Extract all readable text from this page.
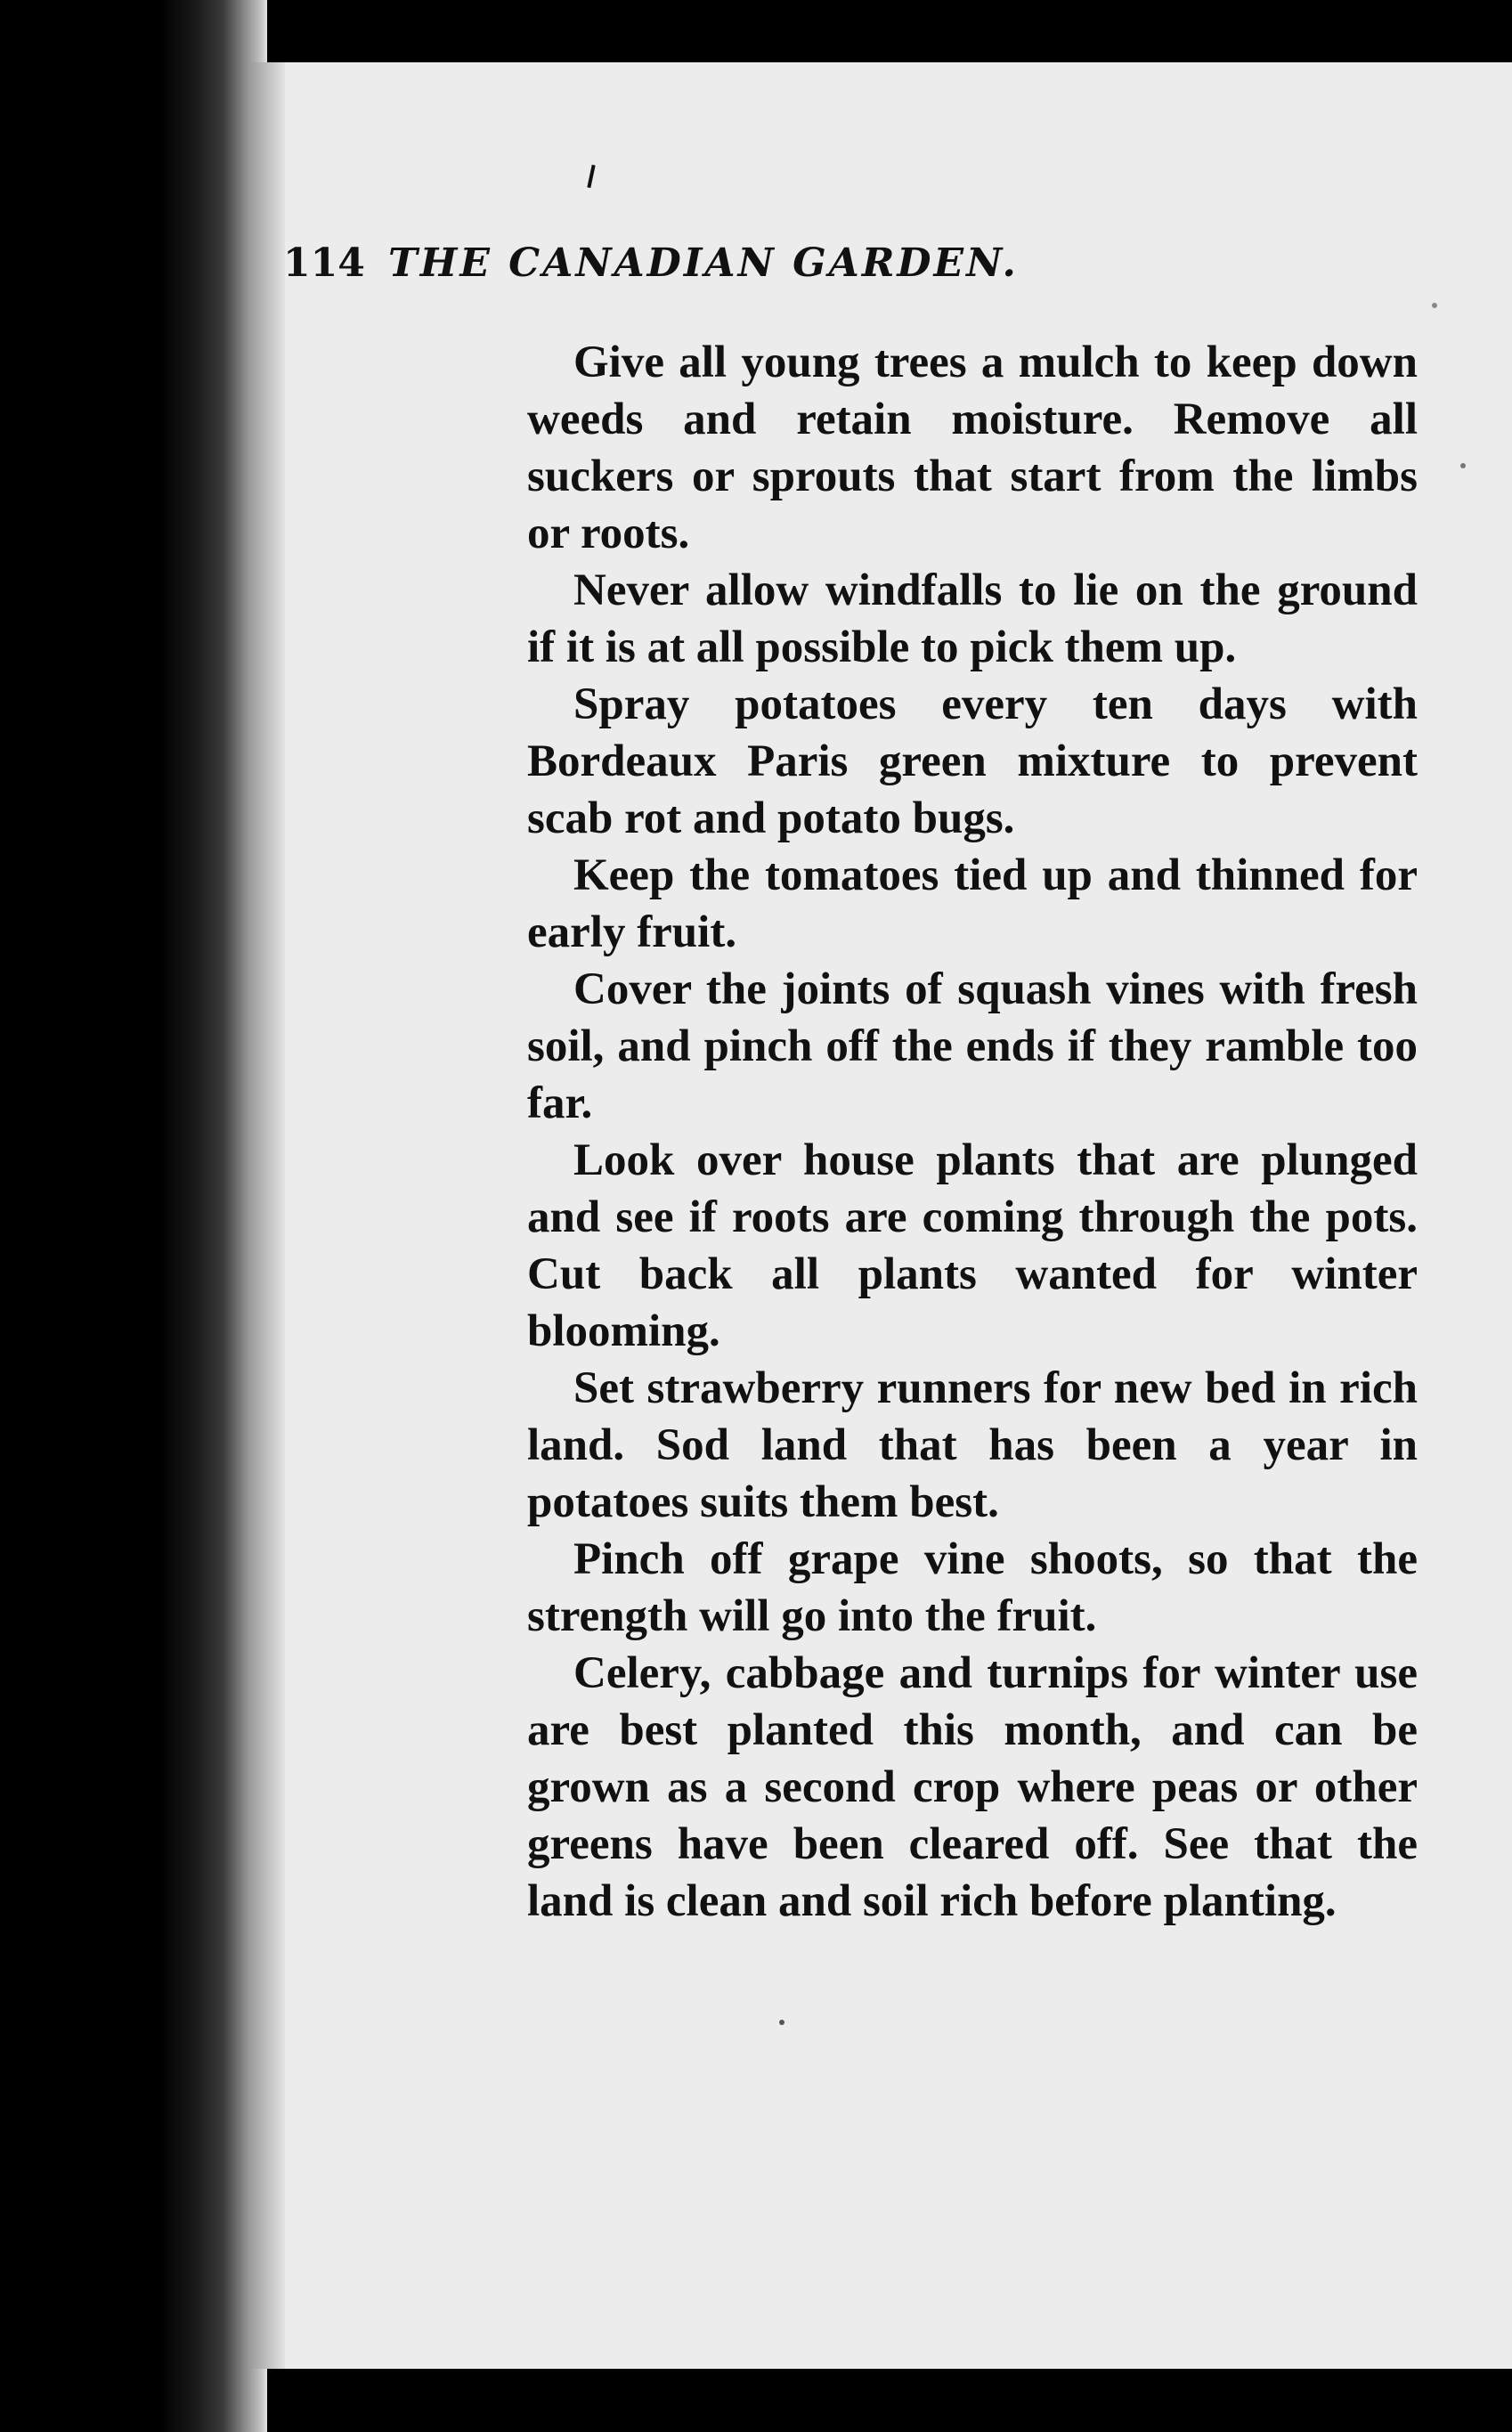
114 THE CANADIAN GARDEN.

Give all young trees a mulch to keep down weeds and retain moisture. Remove all suckers or sprouts that start from the limbs or roots.

Never allow windfalls to lie on the ground if it is at all possible to pick them up.

Spray potatoes every ten days with Bordeaux Paris green mixture to prevent scab rot and potato bugs.

Keep the tomatoes tied up and thinned for early fruit.

Cover the joints of squash vines with fresh soil, and pinch off the ends if they ramble too far.

Look over house plants that are plunged and see if roots are coming through the pots. Cut back all plants wanted for winter blooming.

Set strawberry runners for new bed in rich land. Sod land that has been a year in potatoes suits them best.

Pinch off grape vine shoots, so that the strength will go into the fruit.

Celery, cabbage and turnips for winter use are best planted this month, and can be grown as a second crop where peas or other greens have been cleared off. See that the land is clean and soil rich before planting.
